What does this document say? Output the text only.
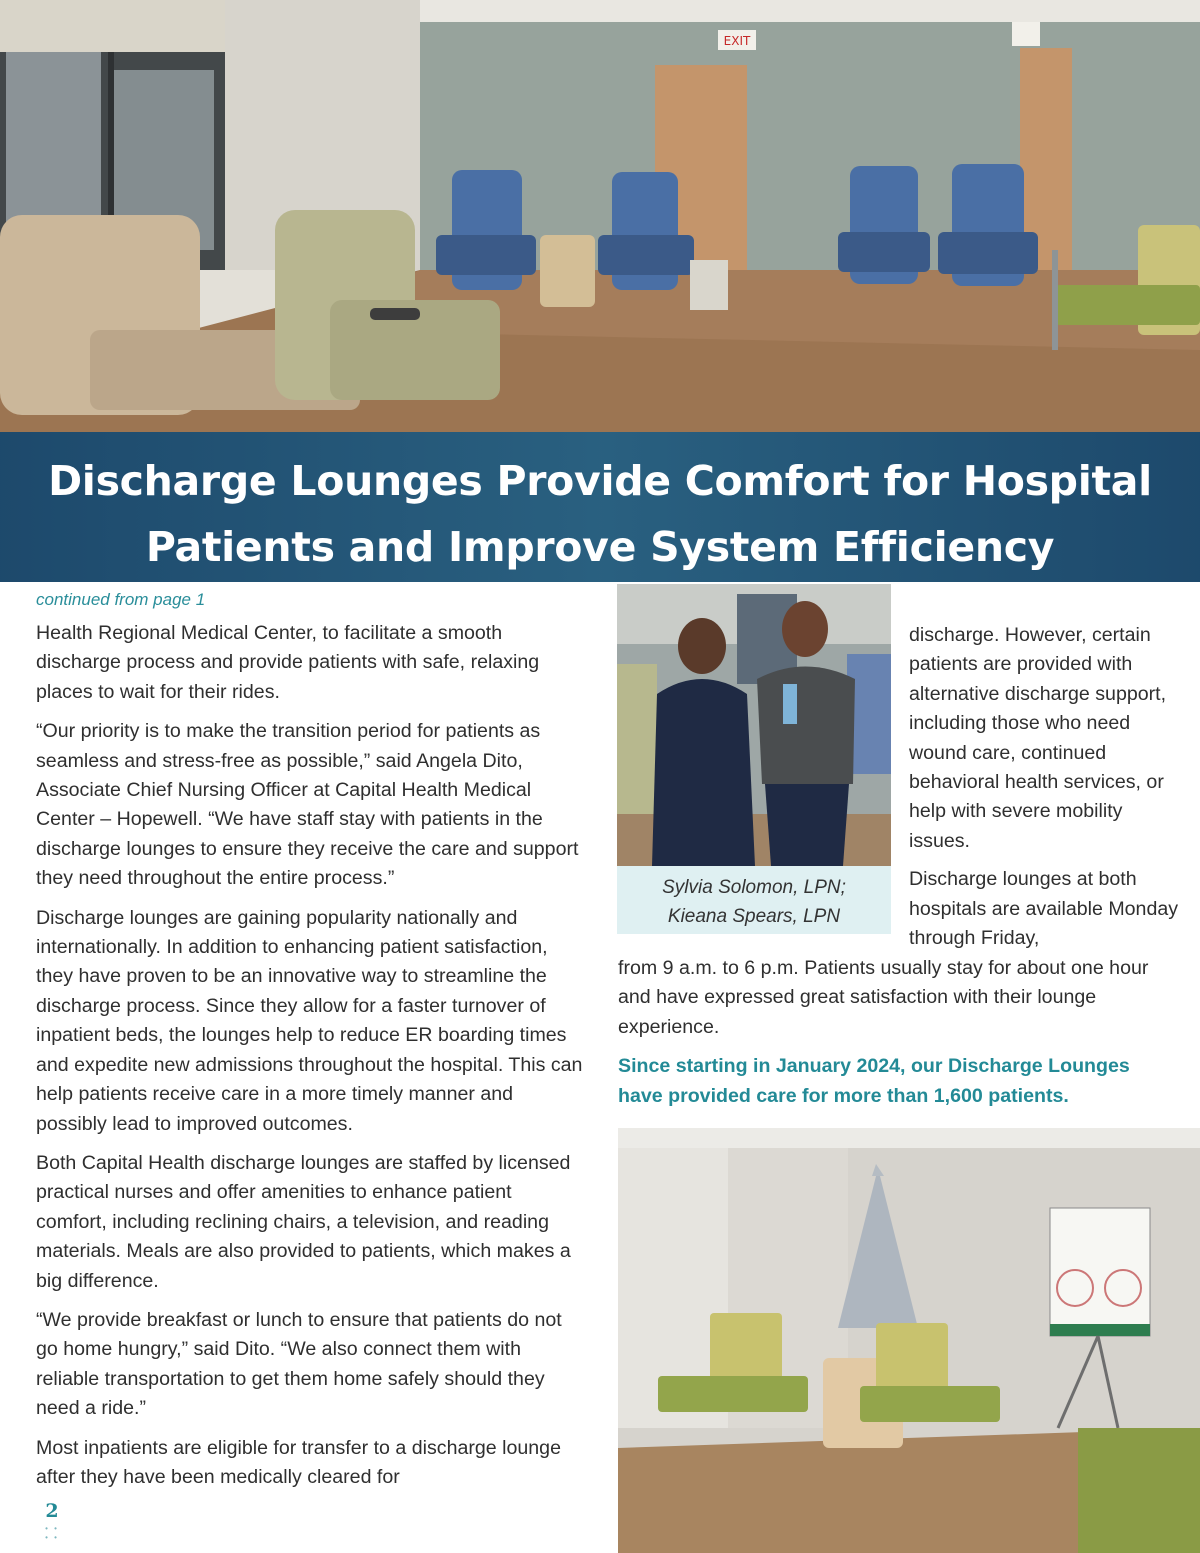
EXIT
Discharge Lounges Provide Comfort for Hospital
Patients and Improve System Efficiency

continued from page 1

Health Regional Medical Center, to facilitate a smooth discharge process and provide patients with safe, relaxing places to wait for their rides.

“Our priority is to make the transition period for patients as seamless and stress-free as possible,” said Angela Dito, Associate Chief Nursing Officer at Capital Health Medical Center – Hopewell. “We have staff stay with patients in the discharge lounges to ensure they receive the care and support they need throughout the entire process.”

Discharge lounges are gaining popularity nationally and internationally. In addition to enhancing patient satisfaction, they have proven to be an innovative way to streamline the discharge process. Since they allow for a faster turnover of inpatient beds, the lounges help to reduce ER boarding times and expedite new admissions throughout the hospital. This can help patients receive care in a more timely manner and possibly lead to improved outcomes.

Both Capital Health discharge lounges are staffed by licensed practical nurses and offer amenities to enhance patient comfort, including reclining chairs, a television, and reading materials. Meals are also provided to patients, which makes a big difference.

“We provide breakfast or lunch to ensure that patients do not go home hungry,” said Dito. “We also connect them with reliable transportation to get them home safely should they need a ride.”

Most inpatients are eligible for transfer to a discharge lounge after they have been medically cleared for

Sylvia Solomon, LPN;
Kieana Spears, LPN

discharge. However, certain patients are provided with alternative discharge support, including those who need wound care, continued behavioral health services, or help with severe mobility issues.

Discharge lounges at both hospitals are available Monday through Friday,

from 9 a.m. to 6 p.m. Patients usually stay for about one hour and have expressed great satisfaction with their lounge experience.

Since starting in January 2024, our Discharge Lounges have provided care for more than 1,600 patients.

2
• • • •
